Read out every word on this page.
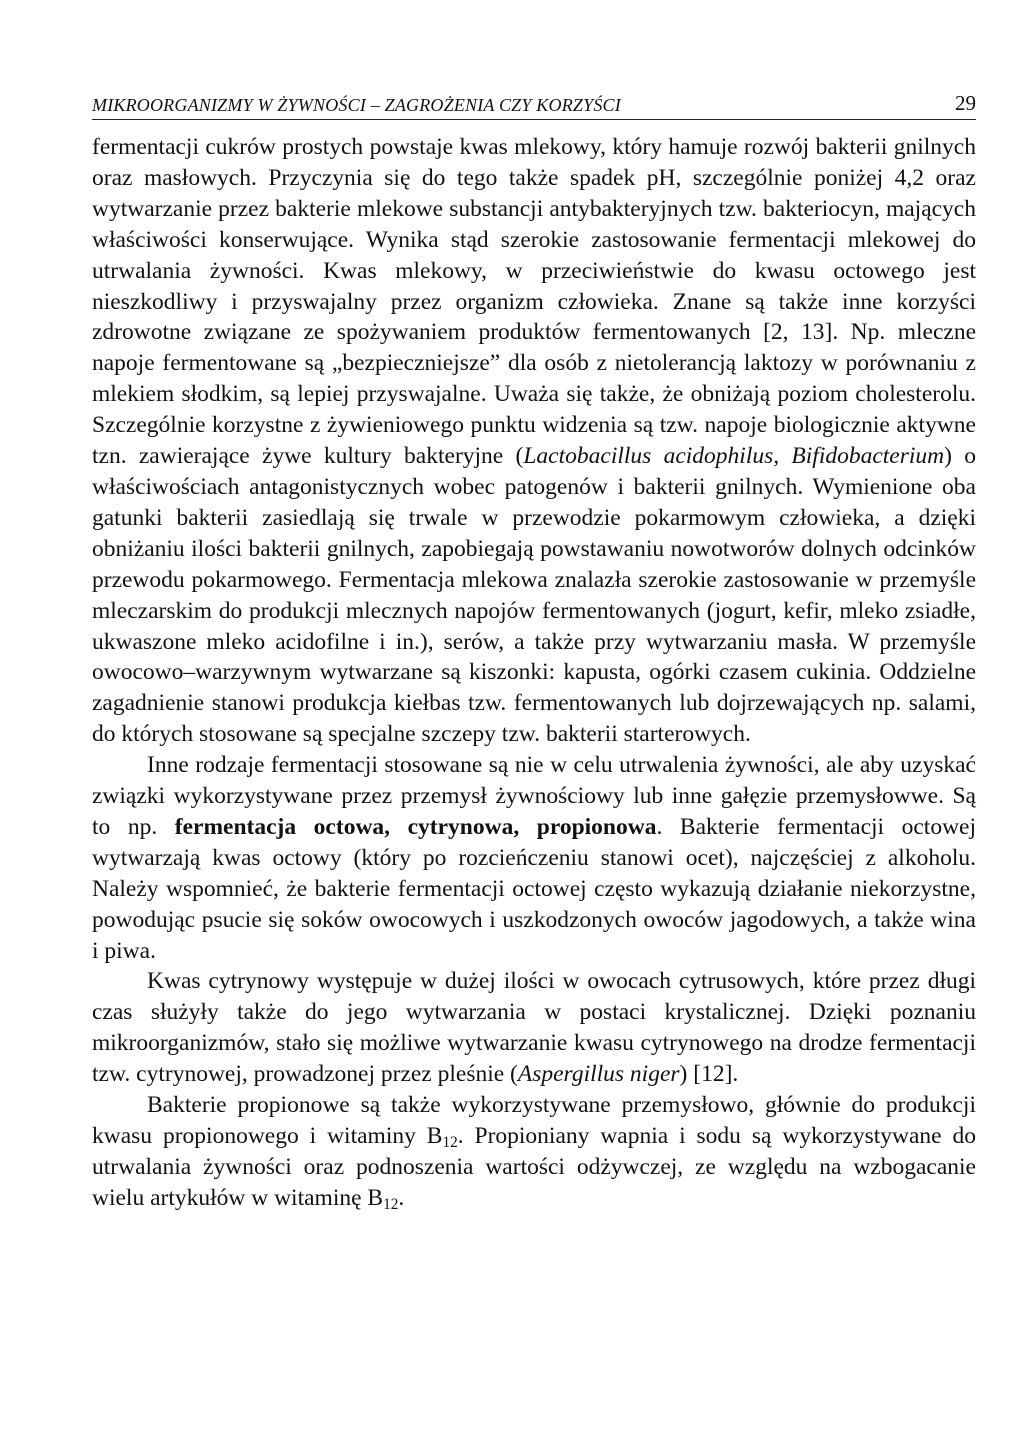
MIKROORGANIZMY W ŻYWNOŚCI – ZAGROŻENIA CZY KORZYŚCI	29

fermentacji cukrów prostych powstaje kwas mlekowy, który hamuje rozwój bakterii gnilnych oraz masłowych. Przyczynia się do tego także spadek pH, szczególnie poniżej 4,2 oraz wytwarzanie przez bakterie mlekowe substancji antybakteryjnych tzw. bakteriocyn, mających właściwości konserwujące. Wynika stąd szerokie zastosowanie fermentacji mlekowej do utrwalania żywności. Kwas mlekowy, w przeciwieństwie do kwasu octowego jest nieszkodliwy i przyswajalny przez organizm człowieka. Znane są także inne korzyści zdrowotne związane ze spożywaniem produktów fermentowanych [2, 13]. Np. mleczne napoje fermentowane są „bezpieczniejsze” dla osób z nietolerancją laktozy w porównaniu z mlekiem słodkim, są lepiej przyswajalne. Uważa się także, że obniżają poziom cholesterolu. Szczególnie korzystne z żywieniowego punktu widzenia są tzw. napoje biologicznie aktywne tzn. zawierające żywe kultury bakteryjne (Lactobacillus acidophilus, Bifidobacterium) o właściwościach antagonistycznych wobec patogenów i bakterii gnilnych. Wymienione oba gatunki bakterii zasiedlają się trwale w przewodzie pokarmowym człowieka, a dzięki obniżaniu ilości bakterii gnilnych, zapobiegają powstawaniu nowotworów dolnych odcinków przewodu pokarmowego. Fermentacja mlekowa znalazła szerokie zastosowanie w przemyśle mleczarskim do produkcji mlecznych napojów fermentowanych (jogurt, kefir, mleko zsiadłe, ukwaszone mleko acidofilne i in.), serów, a także przy wytwarzaniu masła. W przemyśle owocowo–warzywnym wytwarzane są kiszonki: kapusta, ogórki czasem cukinia. Oddzielne zagadnienie stanowi produkcja kiełbas tzw. fermentowanych lub dojrzewających np. salami, do których stosowane są specjalne szczepy tzw. bakterii starterowych.

Inne rodzaje fermentacji stosowane są nie w celu utrwalenia żywności, ale aby uzyskać związki wykorzystywane przez przemysł żywnościowy lub inne gałęzie przemysłowwe. Są to np. fermentacja octowa, cytrynowa, propionowa. Bakterie fermentacji octowej wytwarzają kwas octowy (który po rozcieńczeniu stanowi ocet), najczęściej z alkoholu. Należy wspomnieć, że bakterie fermentacji octowej często wykazują działanie niekorzystne, powodując psucie się soków owocowych i uszkodzonych owoców jagodowych, a także wina i piwa.

Kwas cytrynowy występuje w dużej ilości w owocach cytrusowych, które przez długi czas służyły także do jego wytwarzania w postaci krystalicznej. Dzięki poznaniu mikroorganizmów, stało się możliwe wytwarzanie kwasu cytrynowego na drodze fermentacji tzw. cytrynowej, prowadzonej przez pleśnie (Aspergillus niger) [12].

Bakterie propionowe są także wykorzystywane przemysłowo, głównie do produkcji kwasu propionowego i witaminy B12. Propioniany wapnia i sodu są wykorzystywane do utrwalania żywności oraz podnoszenia wartości odżywczej, ze względu na wzbogacanie wielu artykułów w witaminę B12.
